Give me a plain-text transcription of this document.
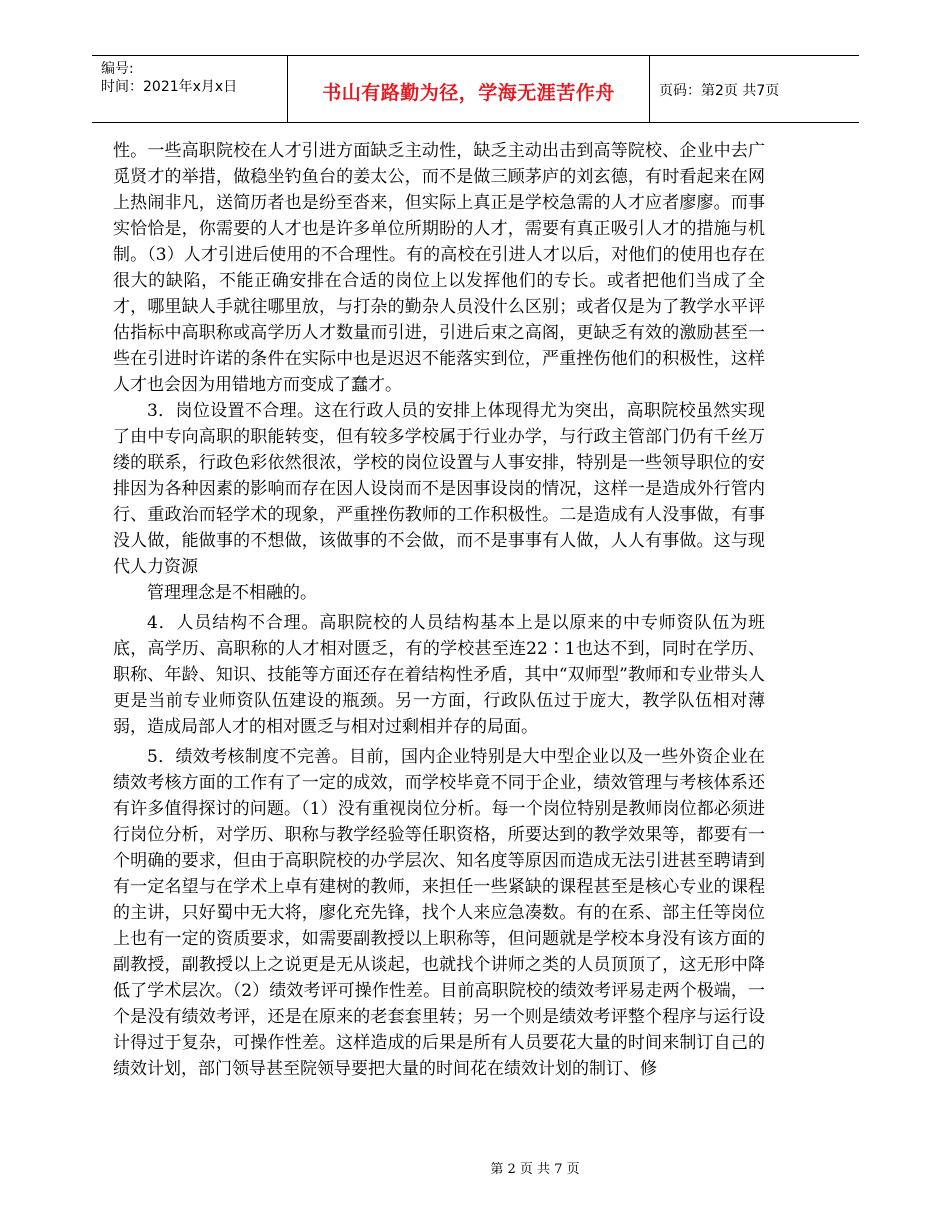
编号:
时间：2021年x月x日	书山有路勤为径，学海无涯苦作舟	页码：第2页 共7页

性。一些高职院校在人才引进方面缺乏主动性，缺乏主动出击到高等院校、企业中去广觅贤才的举措，做稳坐钓鱼台的姜太公，而不是做三顾茅庐的刘玄德，有时看起来在网上热闹非凡，送简历者也是纷至沓来，但实际上真正是学校急需的人才应者廖廖。而事实恰恰是，你需要的人才也是许多单位所期盼的人才，需要有真正吸引人才的措施与机制。（3）人才引进后使用的不合理性。有的高校在引进人才以后，对他们的使用也存在很大的缺陷，不能正确安排在合适的岗位上以发挥他们的专长。或者把他们当成了全才，哪里缺人手就往哪里放，与打杂的勤杂人员没什么区别；或者仅是为了教学水平评估指标中高职称或高学历人才数量而引进，引进后束之高阁，更缺乏有效的激励甚至一些在引进时许诺的条件在实际中也是迟迟不能落实到位，严重挫伤他们的积极性，这样人才也会因为用错地方而变成了蠢才。

3．岗位设置不合理。这在行政人员的安排上体现得尤为突出，高职院校虽然实现了由中专向高职的职能转变，但有较多学校属于行业办学，与行政主管部门仍有千丝万缕的联系，行政色彩依然很浓，学校的岗位设置与人事安排，特别是一些领导职位的安排因为各种因素的影响而存在因人设岗而不是因事设岗的情况，这样一是造成外行管内行、重政治而轻学术的现象，严重挫伤教师的工作积极性。二是造成有人没事做，有事没人做，能做事的不想做，该做事的不会做，而不是事事有人做，人人有事做。这与现代人力资源

管理理念是不相融的。

4．人员结构不合理。高职院校的人员结构基本上是以原来的中专师资队伍为班底，高学历、高职称的人才相对匮乏，有的学校甚至连22∶1也达不到，同时在学历、职称、年龄、知识、技能等方面还存在着结构性矛盾，其中“双师型”教师和专业带头人更是当前专业师资队伍建设的瓶颈。另一方面，行政队伍过于庞大，教学队伍相对薄弱，造成局部人才的相对匮乏与相对过剩相并存的局面。

5．绩效考核制度不完善。目前，国内企业特别是大中型企业以及一些外资企业在绩效考核方面的工作有了一定的成效，而学校毕竟不同于企业，绩效管理与考核体系还有许多值得探讨的问题。（1）没有重视岗位分析。每一个岗位特别是教师岗位都必须进行岗位分析，对学历、职称与教学经验等任职资格，所要达到的教学效果等，都要有一个明确的要求，但由于高职院校的办学层次、知名度等原因而造成无法引进甚至聘请到有一定名望与在学术上卓有建树的教师，来担任一些紧缺的课程甚至是核心专业的课程的主讲，只好蜀中无大将，廖化充先锋，找个人来应急凑数。有的在系、部主任等岗位上也有一定的资质要求，如需要副教授以上职称等，但问题就是学校本身没有该方面的副教授，副教授以上之说更是无从谈起，也就找个讲师之类的人员顶顶了，这无形中降低了学术层次。（2）绩效考评可操作性差。目前高职院校的绩效考评易走两个极端，一个是没有绩效考评，还是在原来的老套套里转；另一个则是绩效考评整个程序与运行设计得过于复杂，可操作性差。这样造成的后果是所有人员要花大量的时间来制订自己的绩效计划，部门领导甚至院领导要把大量的时间花在绩效计划的制订、修

第 2 页 共 7 页
